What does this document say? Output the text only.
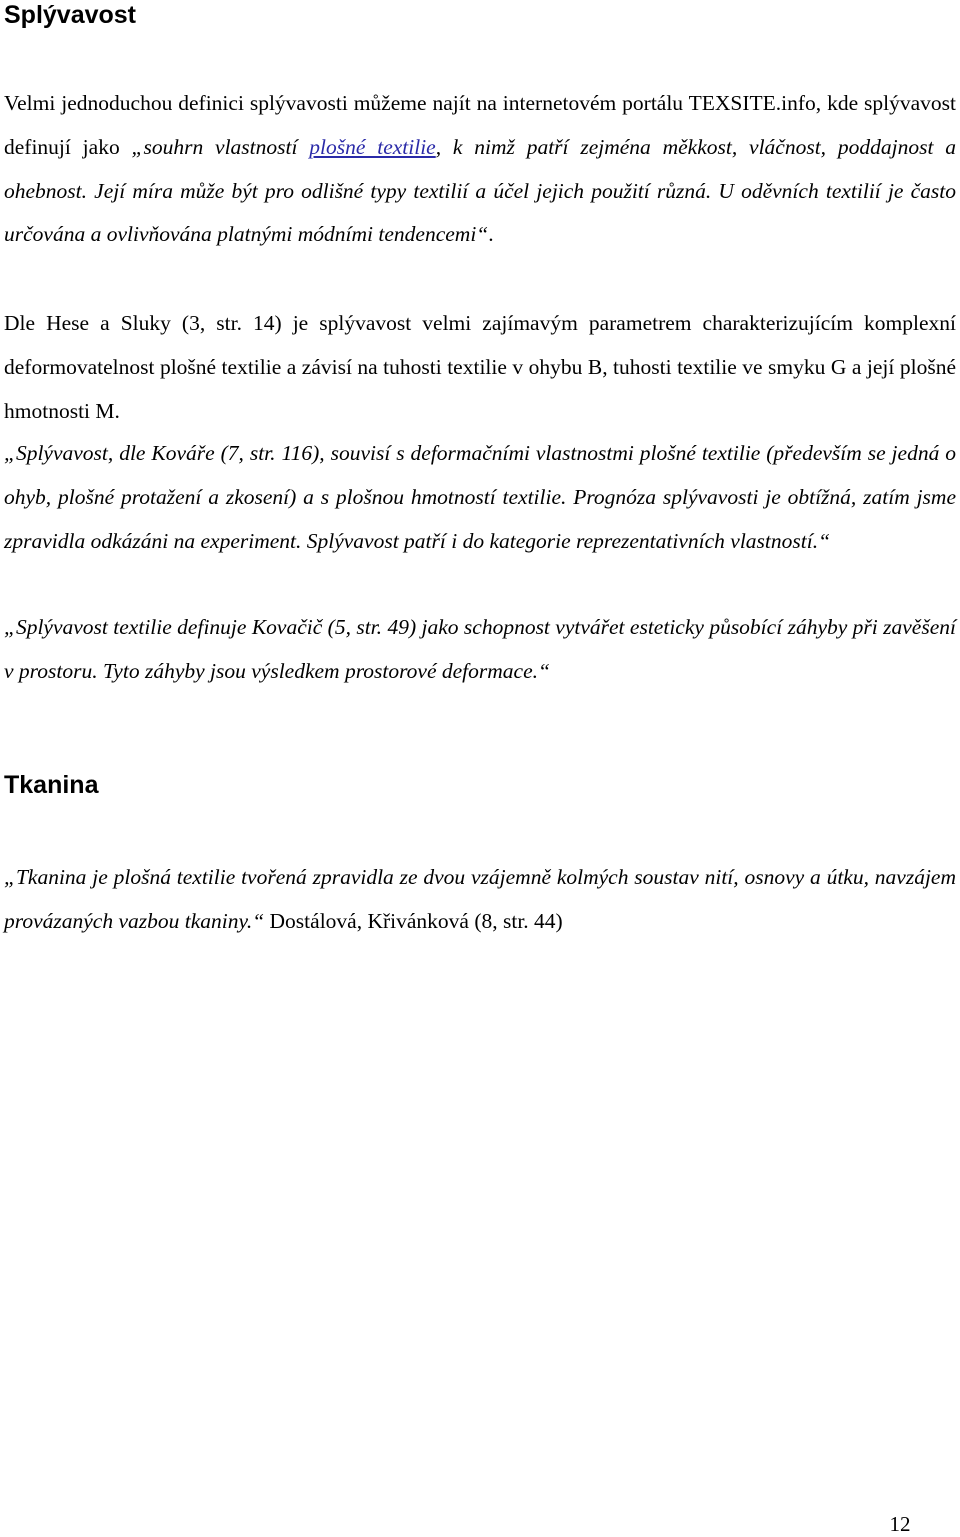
Splývavost

Velmi jednoduchou definici splývavosti můžeme najít na internetovém portálu TEXSITE.info, kde splývavost definují jako „souhrn vlastností plošné textilie, k nimž patří zejména měkkost, vláčnost, poddajnost a ohebnost. Její míra může být pro odlišné typy textilií a účel jejich použití různá. U oděvních textilií je často určována a ovlivňována platnými módními tendencemi“.

Dle Hese a Sluky (3, str. 14) je splývavost velmi zajímavým parametrem charakterizujícím komplexní deformovatelnost plošné textilie a závisí na tuhosti textilie v ohybu B, tuhosti textilie ve smyku G a její plošné hmotnosti M.

„Splývavost, dle Kováře (7, str. 116), souvisí s deformačními vlastnostmi plošné textilie (především se jedná o ohyb, plošné protažení a zkosení) a s plošnou hmotností textilie. Prognóza splývavosti je obtížná, zatím jsme zpravidla odkázáni na experiment. Splývavost patří i do kategorie reprezentativních vlastností.“

„Splývavost textilie definuje Kovačič (5, str. 49) jako schopnost vytvářet esteticky působící záhyby při zavěšení v prostoru. Tyto záhyby jsou výsledkem prostorové deformace.“

Tkanina

„Tkanina je plošná textilie tvořená zpravidla ze dvou vzájemně kolmých soustav nití, osnovy a útku, navzájem provázaných vazbou tkaniny.“ Dostálová, Křivánková (8, str. 44)

12
